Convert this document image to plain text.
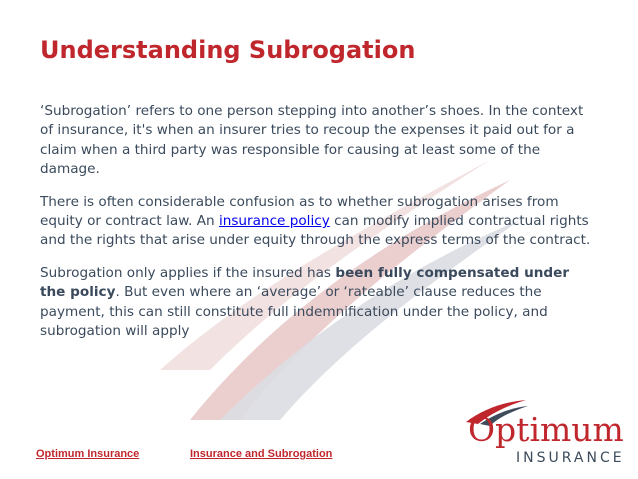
Understanding Subrogation

‘Subrogation’ refers to one person stepping into another’s shoes. In the context of insurance, it's when an insurer tries to recoup the expenses it paid out for a claim when a third party was responsible for causing at least some of the damage.

There is often considerable confusion as to whether subrogation arises from equity or contract law. An insurance policy can modify implied contractual rights and the rights that arise under equity through the express terms of the contract.

Subrogation only applies if the insured has been fully compensated under the policy. But even where an ‘average’ or ‘rateable’ clause reduces the payment, this can still constitute full indemnification under the policy, and subrogation will apply

Optimum Insurance	Insurance and Subrogation
Optimum
INSURANCE
